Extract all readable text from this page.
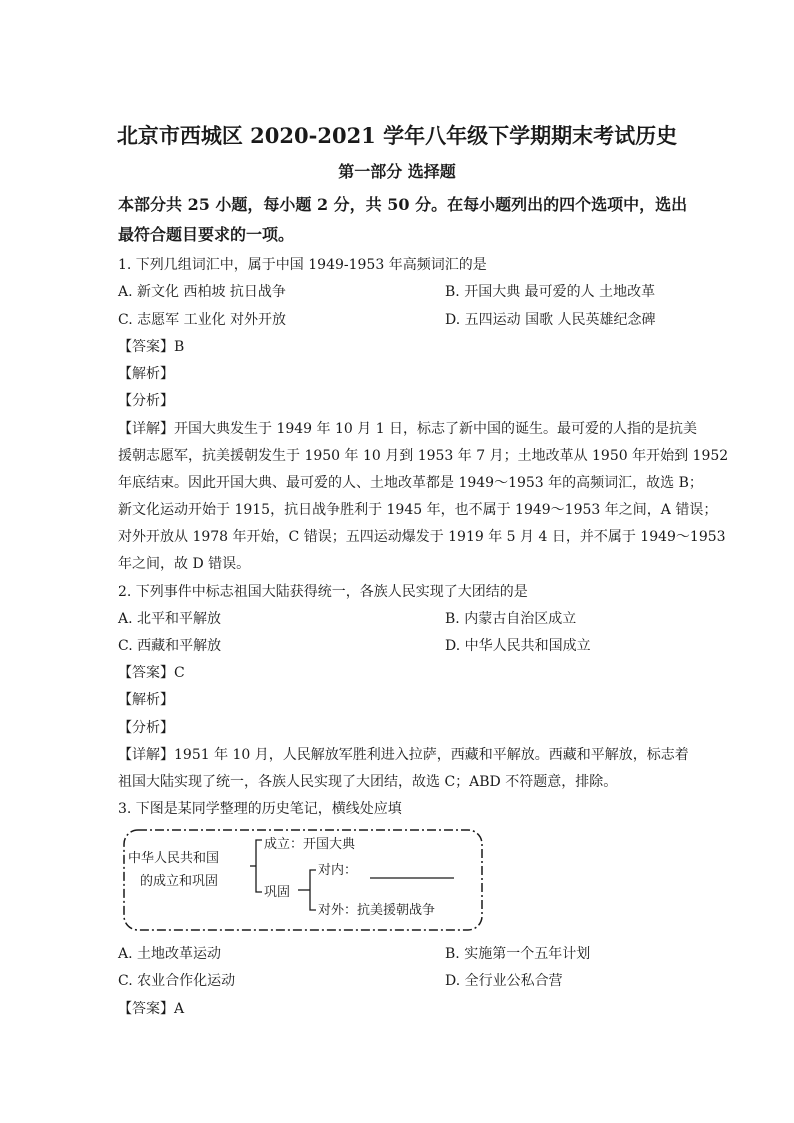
北京市西城区 2020-2021 学年八年级下学期期末考试历史
第一部分 选择题
本部分共 25 小题，每小题 2 分，共 50 分。在每小题列出的四个选项中，选出
最符合题目要求的一项。
1. 下列几组词汇中，属于中国 1949-1953 年高频词汇的是
A. 新文化 西柏坡 抗日战争	B. 开国大典 最可爱的人 土地改革
C. 志愿军 工业化 对外开放	D. 五四运动 国歌 人民英雄纪念碑
【答案】B
【解析】
【分析】
【详解】开国大典发生于 1949 年 10 月 1 日，标志了新中国的诞生。最可爱的人指的是抗美
援朝志愿军，抗美援朝发生于 1950 年 10 月到 1953 年 7 月；土地改革从 1950 年开始到 1952
年底结束。因此开国大典、最可爱的人、土地改革都是 1949～1953 年的高频词汇，故选 B；
新文化运动开始于 1915，抗日战争胜利于 1945 年，也不属于 1949～1953 年之间，A 错误；
对外开放从 1978 年开始，C 错误；五四运动爆发于 1919 年 5 月 4 日，并不属于 1949～1953
年之间，故 D 错误。
2. 下列事件中标志祖国大陆获得统一，各族人民实现了大团结的是
A. 北平和平解放	B. 内蒙古自治区成立
C. 西藏和平解放	D. 中华人民共和国成立
【答案】C
【解析】
【分析】
【详解】1951 年 10 月，人民解放军胜利进入拉萨，西藏和平解放。西藏和平解放，标志着
祖国大陆实现了统一，各族人民实现了大团结，故选 C；ABD 不符题意，排除。
3. 下图是某同学整理的历史笔记，横线处应填
中华人民共和国
的成立和巩固
成立：开国大典
巩固
对内：
对外：抗美援朝战争
A. 土地改革运动	B. 实施第一个五年计划
C. 农业合作化运动	D. 全行业公私合营
【答案】A
